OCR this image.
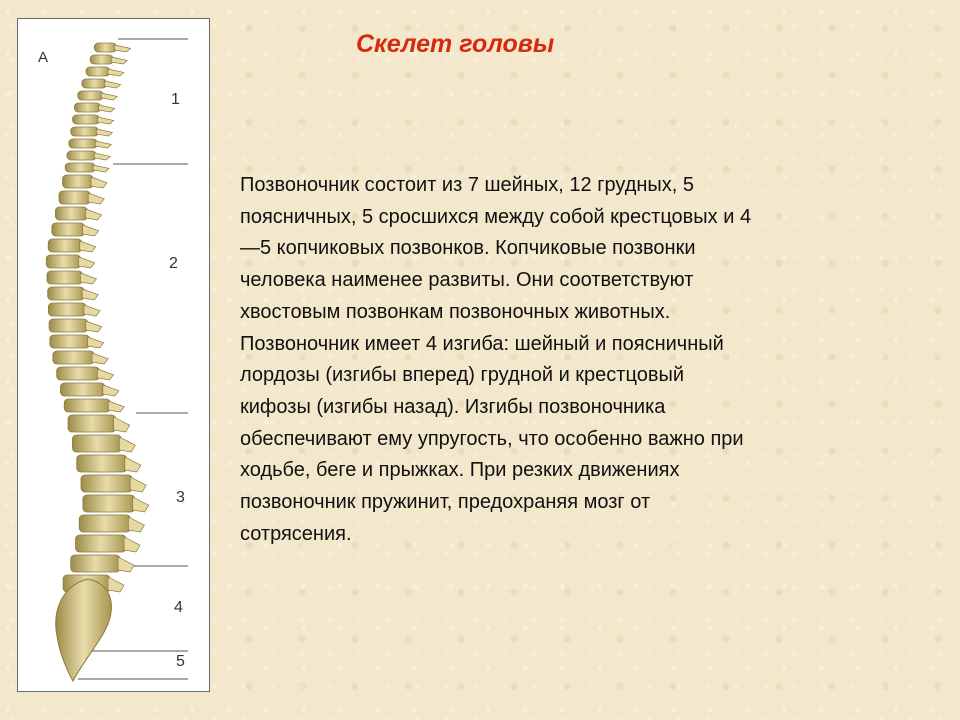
А
1
2
3
4
5
Скелет головы
Позвоночник состоит из 7 шейных, 12 грудных, 5
поясничных, 5 сросшихся между собой крестцовых и 4
—5 копчиковых позвонков. Копчиковые позвонки
человека наименее развиты. Они соответствуют
хвостовым позвонкам позвоночных животных.
Позвоночник имеет 4 изгиба: шейный и поясничный
лордозы (изгибы вперед) грудной и крестцовый
кифозы (изгибы назад). Изгибы позвоночника
обеспечивают ему упругость, что особенно важно при
ходьбе, беге и прыжках. При резких движениях
позвоночник пружинит, предохраняя мозг от
сотрясения.
